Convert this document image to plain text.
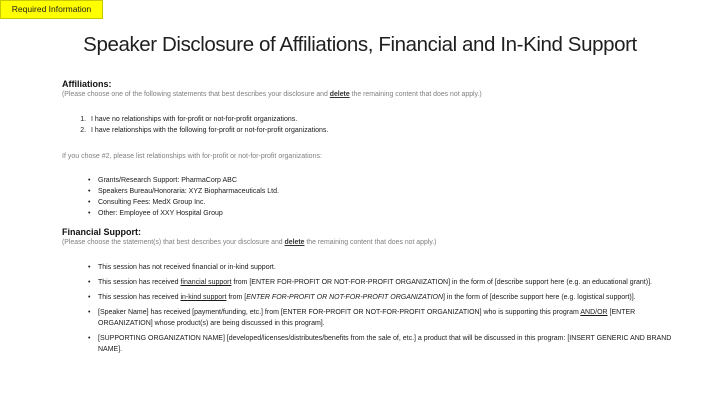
Required Information
Speaker Disclosure of Affiliations, Financial and In-Kind Support
Affiliations:
(Please choose one of the following statements that best describes your disclosure and delete the remaining content that does not apply.)
1. I have no relationships with for-profit or not-for-profit organizations.
2. I have relationships with the following for-profit or not-for-profit organizations.
If you chose #2, please list relationships with for-profit or not-for-profit organizations:
• Grants/Research Support: PharmaCorp ABC
• Speakers Bureau/Honoraria: XYZ Biopharmaceuticals Ltd.
• Consulting Fees: MedX Group Inc.
• Other: Employee of XXY Hospital Group
Financial Support:
(Please choose the statement(s) that best describes your disclosure and delete the remaining content that does not apply.)
• This session has not received financial or in-kind support.
• This session has received financial support from [ENTER FOR-PROFIT OR NOT-FOR-PROFIT ORGANIZATION] in the form of [describe support here (e.g. an educational grant)].
• This session has received in-kind support from [ENTER FOR-PROFIT OR NOT-FOR-PROFIT ORGANIZATION] in the form of [describe support here (e.g. logistical support)].
• [Speaker Name] has received [payment/funding, etc.] from [ENTER FOR-PROFIT OR NOT-FOR-PROFIT ORGANIZATION] who is supporting this program AND/OR [ENTER ORGANIZATION] whose product(s) are being discussed in this program].
• [SUPPORTING ORGANIZATION NAME] [developed/licenses/distributes/benefits from the sale of, etc.] a product that will be discussed in this program: [INSERT GENERIC AND BRAND NAME].
